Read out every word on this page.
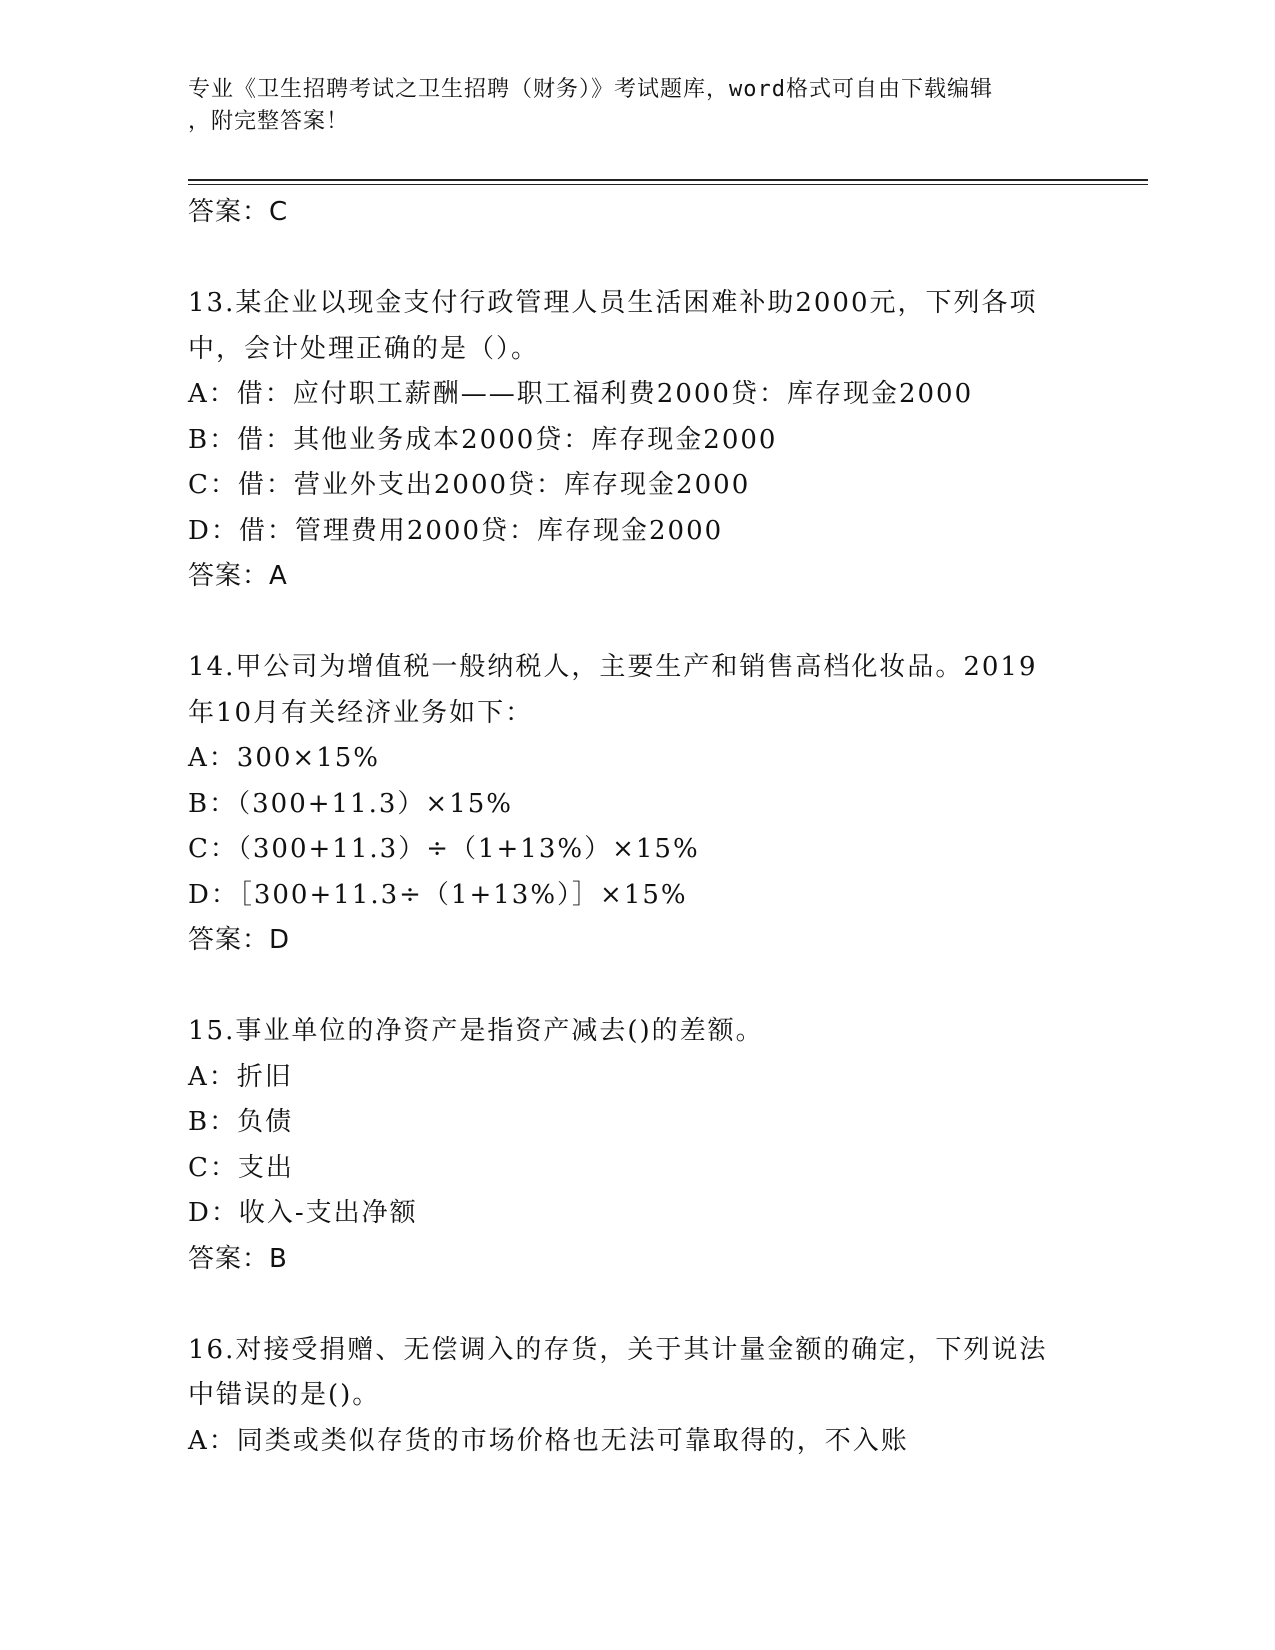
专业《卫生招聘考试之卫生招聘（财务）》考试题库，word格式可自由下载编辑
，附完整答案！
答案：C
13.某企业以现金支付行政管理人员生活困难补助2000元，下列各项
中，会计处理正确的是（）。
A：借：应付职工薪酬——职工福利费2000贷：库存现金2000
B：借：其他业务成本2000贷：库存现金2000
C：借：营业外支出2000贷：库存现金2000
D：借：管理费用2000贷：库存现金2000
答案：A
14.甲公司为增值税一般纳税人，主要生产和销售高档化妆品。2019
年10月有关经济业务如下：
A：300×15%
B：（300+11.3）×15%
C：（300+11.3）÷（1+13%）×15%
D：［300+11.3÷（1+13%）］×15%
答案：D
15.事业单位的净资产是指资产减去()的差额。
A：折旧
B：负债
C：支出
D：收入-支出净额
答案：B
16.对接受捐赠、无偿调入的存货，关于其计量金额的确定，下列说法
中错误的是()。
A：同类或类似存货的市场价格也无法可靠取得的，不入账
